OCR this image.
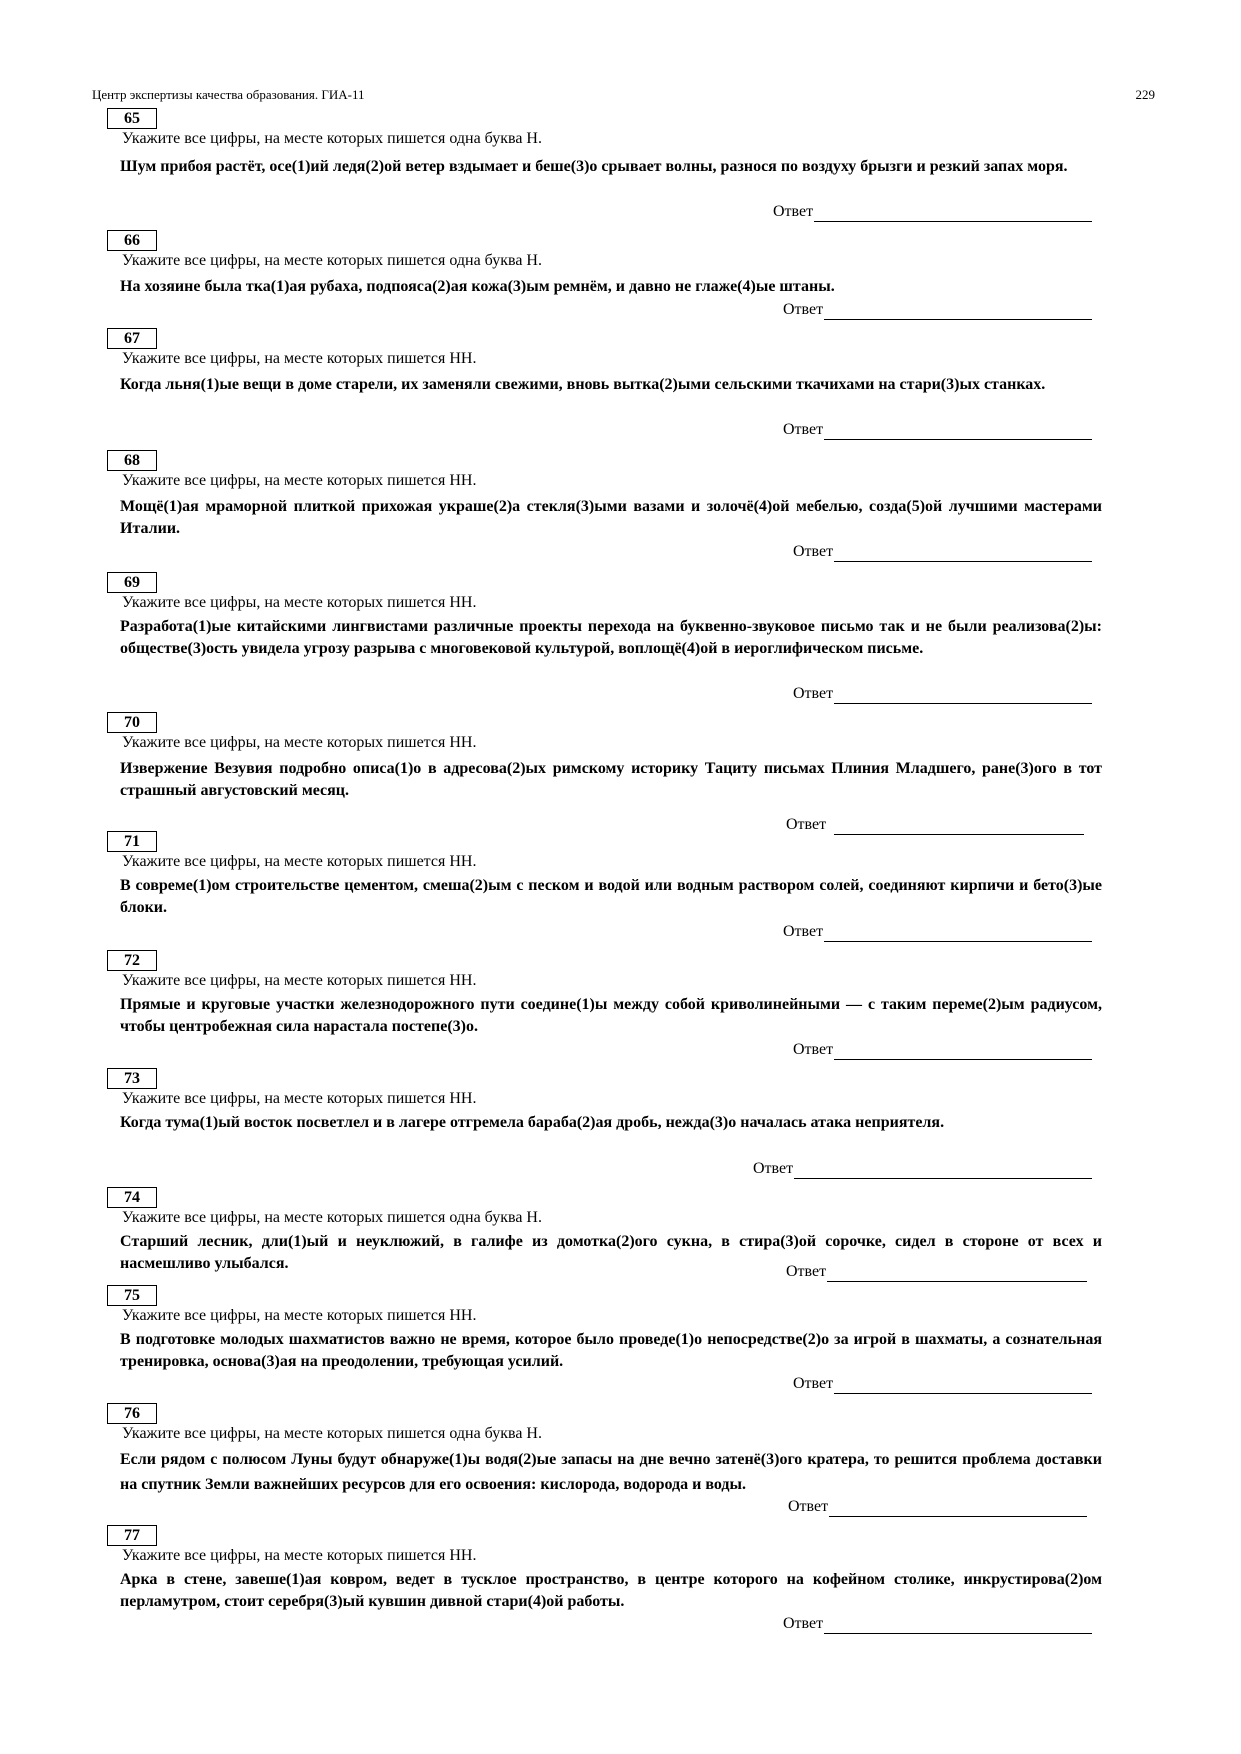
Центр экспертизы качества образования. ГИА-11	229
65
Укажите все цифры, на месте которых пишется одна буква Н.
Шум прибоя растёт, осе(1)ий ледя(2)ой ветер вздымает и беше(3)о срывает волны, разнося по воздуху брызги и резкий запах моря.
Ответ
66
Укажите все цифры, на месте которых пишется одна буква Н.
На хозяине была тка(1)ая рубаха, подпояса(2)ая кожа(3)ым ремнём, и давно не глаже(4)ые штаны.
Ответ
67
Укажите все цифры, на месте которых пишется НН.
Когда льня(1)ые вещи в доме старели, их заменяли свежими, вновь вытка(2)ыми сельскими ткачихами на стари(3)ых станках.
Ответ
68
Укажите все цифры, на месте которых пишется НН.
Мощё(1)ая мраморной плиткой прихожая украше(2)а стекля(3)ыми вазами и золочё(4)ой мебелью, созда(5)ой лучшими мастерами Италии.
Ответ
69
Укажите все цифры, на месте которых пишется НН.
Разработа(1)ые китайскими лингвистами различные проекты перехода на буквенно-звуковое письмо так и не были реализова(2)ы: обществе(3)ость увидела угрозу разрыва с многовековой культурой, воплощё(4)ой в иероглифическом письме.
Ответ
70
Укажите все цифры, на месте которых пишется НН.
Извержение Везувия подробно описа(1)о в адресова(2)ых римскому историку Тациту письмах Плиния Младшего, ране(3)ого в тот страшный августовский месяц.
Ответ
71
Укажите все цифры, на месте которых пишется НН.
В совреме(1)ом строительстве цементом, смеша(2)ым с песком и водой или водным раствором солей, соединяют кирпичи и бето(3)ые блоки.
Ответ
72
Укажите все цифры, на месте которых пишется НН.
Прямые и круговые участки железнодорожного пути соедине(1)ы между собой криволинейными — с таким переме(2)ым радиусом, чтобы центробежная сила нарастала постепе(3)о.
Ответ
73
Укажите все цифры, на месте которых пишется НН.
Когда тума(1)ый восток посветлел и в лагере отгремела бараба(2)ая дробь, нежда(3)о началась атака неприятеля.
Ответ
74
Укажите все цифры, на месте которых пишется одна буква Н.
Старший лесник, дли(1)ый и неуклюжий, в галифе из домотка(2)ого сукна, в стира(3)ой сорочке, сидел в стороне от всех и насмешливо улыбался.	Ответ
75
Укажите все цифры, на месте которых пишется НН.
В подготовке молодых шахматистов важно не время, которое было проведе(1)о непосредстве(2)о за игрой в шахматы, а сознательная тренировка, основа(3)ая на преодолении, требующая усилий.
Ответ
76
Укажите все цифры, на месте которых пишется одна буква Н.
Если рядом с полюсом Луны будут обнаруже(1)ы водя(2)ые запасы на дне вечно затенё(3)ого кратера, то решится проблема доставки на спутник Земли важнейших ресурсов для его освоения: кислорода, водорода и воды.
Ответ
77
Укажите все цифры, на месте которых пишется НН.
Арка в стене, завеше(1)ая ковром, ведет в тусклое пространство, в центре которого на кофейном столике, инкрустирова(2)ом перламутром, стоит серебря(3)ый кувшин дивной стари(4)ой работы.
Ответ
